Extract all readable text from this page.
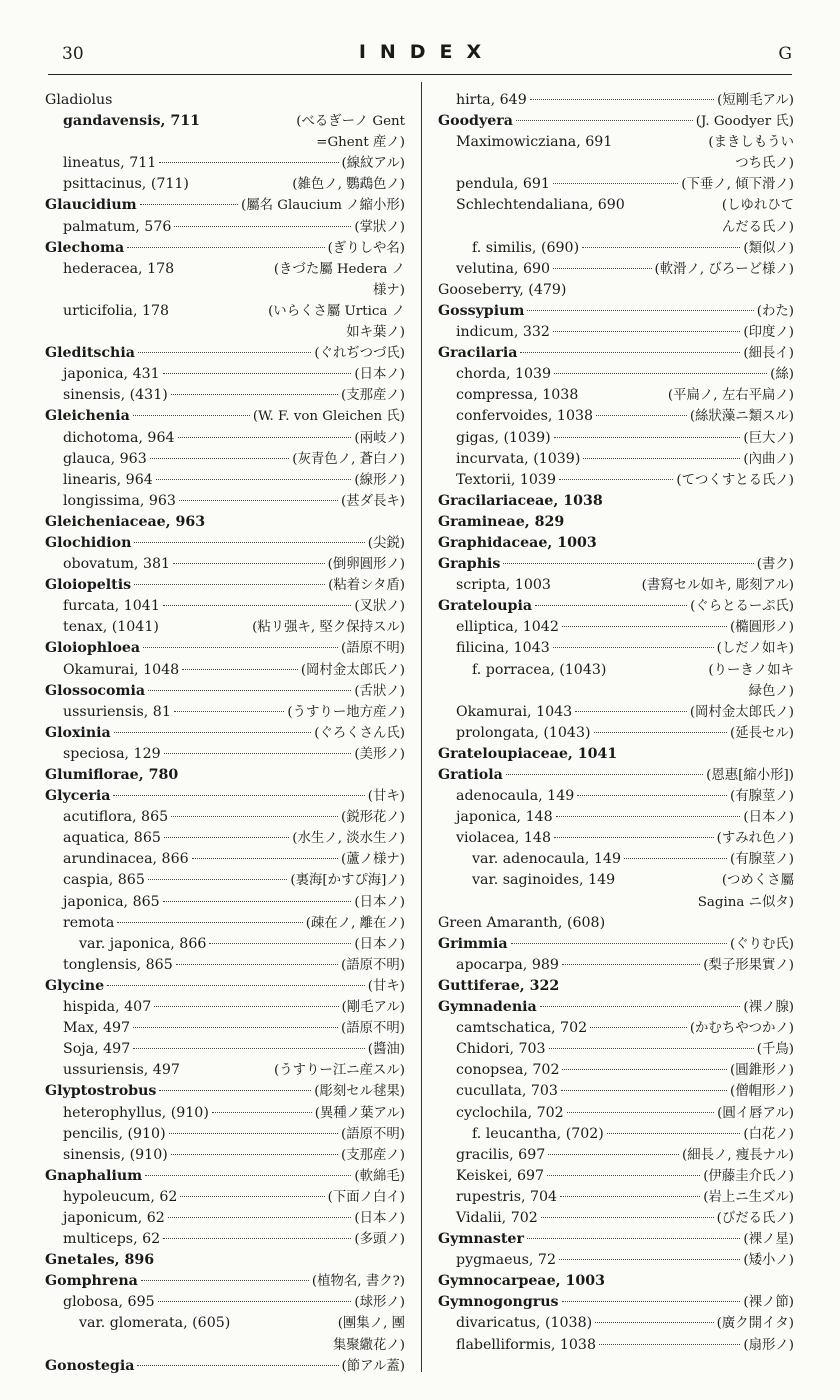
30	INDEX	G
Gladiolus
gandavensis, 711	(べるぎーノ Gent
=Ghent 産ノ)
lineatus, 711	(線紋アル)
psittacinus, (711)	(雑色ノ, 鸚鵡色ノ)
Glaucidium	(屬名 Glaucium ノ縮小形)
palmatum, 576	(掌狀ノ)
Glechoma	(ぎりしや名)
hederacea, 178	(きづた屬 Hedera ノ
様ナ)
urticifolia, 178	(いらくさ屬 Urtica ノ
如キ葉ノ)
Gleditschia	(ぐれぢつづ氏)
japonica, 431	(日本ノ)
sinensis, (431)	(支那産ノ)
Gleichenia	(W. F. von Gleichen 氏)
dichotoma, 964	(兩岐ノ)
glauca, 963	(灰青色ノ, 蒼白ノ)
linearis, 964	(線形ノ)
longissima, 963	(甚ダ長キ)
Gleicheniaceae, 963
Glochidion	(尖鋭)
obovatum, 381	(倒卵圓形ノ)
Gloiopeltis	(粘着シタ盾)
furcata, 1041	(叉狀ノ)
tenax, (1041)	(粘リ强キ, 堅ク保持スル)
Gloiophloea	(語原不明)
Okamurai, 1048	(岡村金太郎氏ノ)
Glossocomia	(舌狀ノ)
ussuriensis, 81	(うすりー地方産ノ)
Gloxinia	(ぐろくさん氏)
speciosa, 129	(美形ノ)
Glumiflorae, 780
Glyceria	(甘キ)
acutiflora, 865	(鋭形花ノ)
aquatica, 865	(水生ノ, 淡水生ノ)
arundinacea, 866	(蘆ノ様ナ)
caspia, 865	(裏海[かすぴ海]ノ)
japonica, 865	(日本ノ)
remota	(疎在ノ, 離在ノ)
var. japonica, 866	(日本ノ)
tonglensis, 865	(語原不明)
Glycine	(甘キ)
hispida, 407	(剛毛アル)
Max, 497	(語原不明)
Soja, 497	(醬油)
ussuriensis, 497	(うすりー江ニ産スル)
Glyptostrobus	(彫刻セル毬果)
heterophyllus, (910)	(異種ノ葉アル)
pencilis, (910)	(語原不明)
sinensis, (910)	(支那産ノ)
Gnaphalium	(軟綿毛)
hypoleucum, 62	(下面ノ白イ)
japonicum, 62	(日本ノ)
multiceps, 62	(多頭ノ)
Gnetales, 896
Gomphrena	(植物名, 書ク?)
globosa, 695	(球形ノ)
var. glomerata, (605)	(團集ノ, 團
集聚繖花ノ)
Gonostegia	(節アル蓋)
hirta, 649	(短剛毛アル)
Goodyera	(J. Goodyer 氏)
Maximowicziana, 691	(まきしもうい
つち氏ノ)
pendula, 691	(下垂ノ, 傾下滑ノ)
Schlechtendaliana, 690	(しゆれひて
んだる氏ノ)
f. similis, (690)	(類似ノ)
velutina, 690	(軟滑ノ, びろーど様ノ)
Gooseberry, (479)
Gossypium	(わた)
indicum, 332	(印度ノ)
Gracilaria	(細長イ)
chorda, 1039	(絲)
compressa, 1038	(平扁ノ, 左右平扁ノ)
confervoides, 1038	(絲狀藻ニ類スル)
gigas, (1039)	(巨大ノ)
incurvata, (1039)	(內曲ノ)
Textorii, 1039	(てつくすとる氏ノ)
Gracilariaceae, 1038
Gramineae, 829
Graphidaceae, 1003
Graphis	(書ク)
scripta, 1003	(書寫セル如キ, 彫刻アル)
Grateloupia	(ぐらとるーぷ氏)
elliptica, 1042	(橢圓形ノ)
filicina, 1043	(しだノ如キ)
f. porracea, (1043)	(りーきノ如キ
緑色ノ)
Okamurai, 1043	(岡村金太郎氏ノ)
prolongata, (1043)	(延長セル)
Grateloupiaceae, 1041
Gratiola	(恩惠[縮小形])
adenocaula, 149	(有腺莖ノ)
japonica, 148	(日本ノ)
violacea, 148	(すみれ色ノ)
var. adenocaula, 149	(有腺莖ノ)
var. saginoides, 149	(つめくさ屬
Sagina ニ似タ)
Green Amaranth, (608)
Grimmia	(ぐりむ氏)
apocarpa, 989	(梨子形果實ノ)
Guttiferae, 322
Gymnadenia	(裸ノ腺)
camtschatica, 702	(かむちやつかノ)
Chidori, 703	(千鳥)
conopsea, 702	(圓錐形ノ)
cucullata, 703	(僧帽形ノ)
cyclochila, 702	(圓イ唇アル)
f. leucantha, (702)	(白花ノ)
gracilis, 697	(細長ノ, 痩長ナル)
Keiskei, 697	(伊藤圭介氏ノ)
rupestris, 704	(岩上ニ生ズル)
Vidalii, 702	(びだる氏ノ)
Gymnaster	(裸ノ星)
pygmaeus, 72	(矮小ノ)
Gymnocarpeae, 1003
Gymnogongrus	(裸ノ節)
divaricatus, (1038)	(廣ク開イタ)
flabelliformis, 1038	(扇形ノ)
